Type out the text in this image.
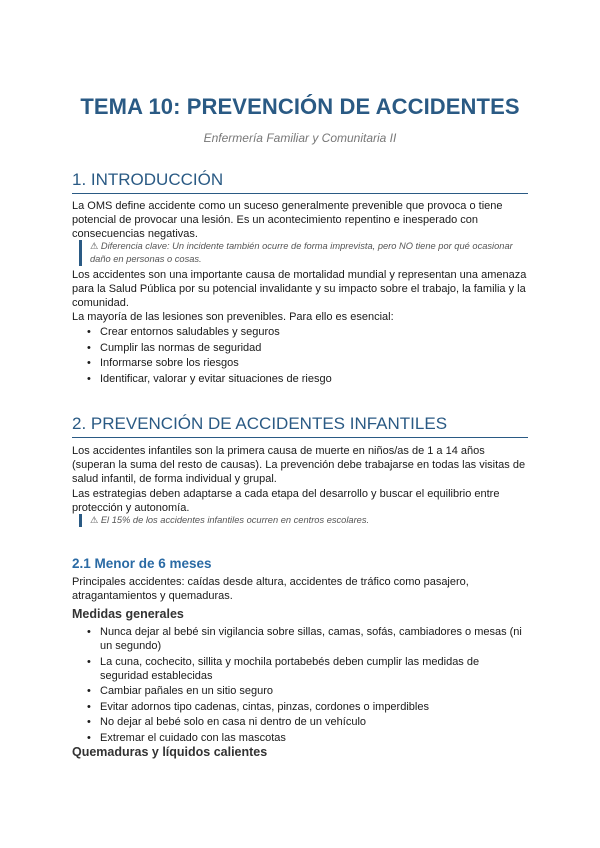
TEMA 10: PREVENCIÓN DE ACCIDENTES
Enfermería Familiar y Comunitaria II
1. INTRODUCCIÓN

La OMS define accidente como un suceso generalmente prevenible que provoca o tiene potencial de provocar una lesión. Es un acontecimiento repentino e inesperado con consecuencias negativas.

⚠ Diferencia clave: Un incidente también ocurre de forma imprevista, pero NO tiene por qué ocasionar daño en personas o cosas.

Los accidentes son una importante causa de mortalidad mundial y representan una amenaza para la Salud Pública por su potencial invalidante y su impacto sobre el trabajo, la familia y la comunidad.

La mayoría de las lesiones son prevenibles. Para ello es esencial:

• Crear entornos saludables y seguros
• Cumplir las normas de seguridad
• Informarse sobre los riesgos
• Identificar, valorar y evitar situaciones de riesgo
2. PREVENCIÓN DE ACCIDENTES INFANTILES

Los accidentes infantiles son la primera causa de muerte en niños/as de 1 a 14 años (superan la suma del resto de causas). La prevención debe trabajarse en todas las visitas de salud infantil, de forma individual y grupal.

Las estrategias deben adaptarse a cada etapa del desarrollo y buscar el equilibrio entre protección y autonomía.

⚠ El 15% de los accidentes infantiles ocurren en centros escolares.
2.1 Menor de 6 meses

Principales accidentes: caídas desde altura, accidentes de tráfico como pasajero, atragantamientos y quemaduras.

Medidas generales
• Nunca dejar al bebé sin vigilancia sobre sillas, camas, sofás, cambiadores o mesas (ni un segundo)
• La cuna, cochecito, sillita y mochila portabebés deben cumplir las medidas de seguridad establecidas
• Cambiar pañales en un sitio seguro
• Evitar adornos tipo cadenas, cintas, pinzas, cordones o imperdibles
• No dejar al bebé solo en casa ni dentro de un vehículo
• Extremar el cuidado con las mascotas
Quemaduras y líquidos calientes
